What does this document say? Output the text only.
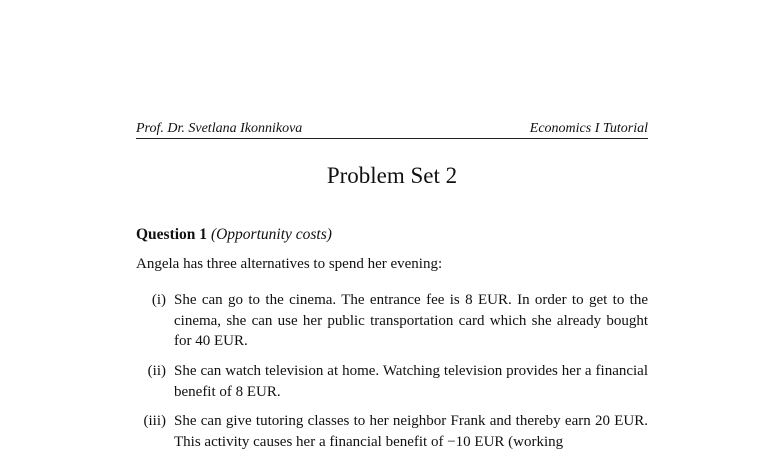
Prof. Dr. Svetlana Ikonnikova	Economics I Tutorial
Problem Set 2
Question 1 (Opportunity costs)
Angela has three alternatives to spend her evening:
(i) She can go to the cinema. The entrance fee is 8 EUR. In order to get to the cinema, she can use her public transportation card which she already bought for 40 EUR.
(ii) She can watch television at home. Watching television provides her a financial benefit of 8 EUR.
(iii) She can give tutoring classes to her neighbor Frank and thereby earn 20 EUR. This activity causes her a financial benefit of −10 EUR (working
